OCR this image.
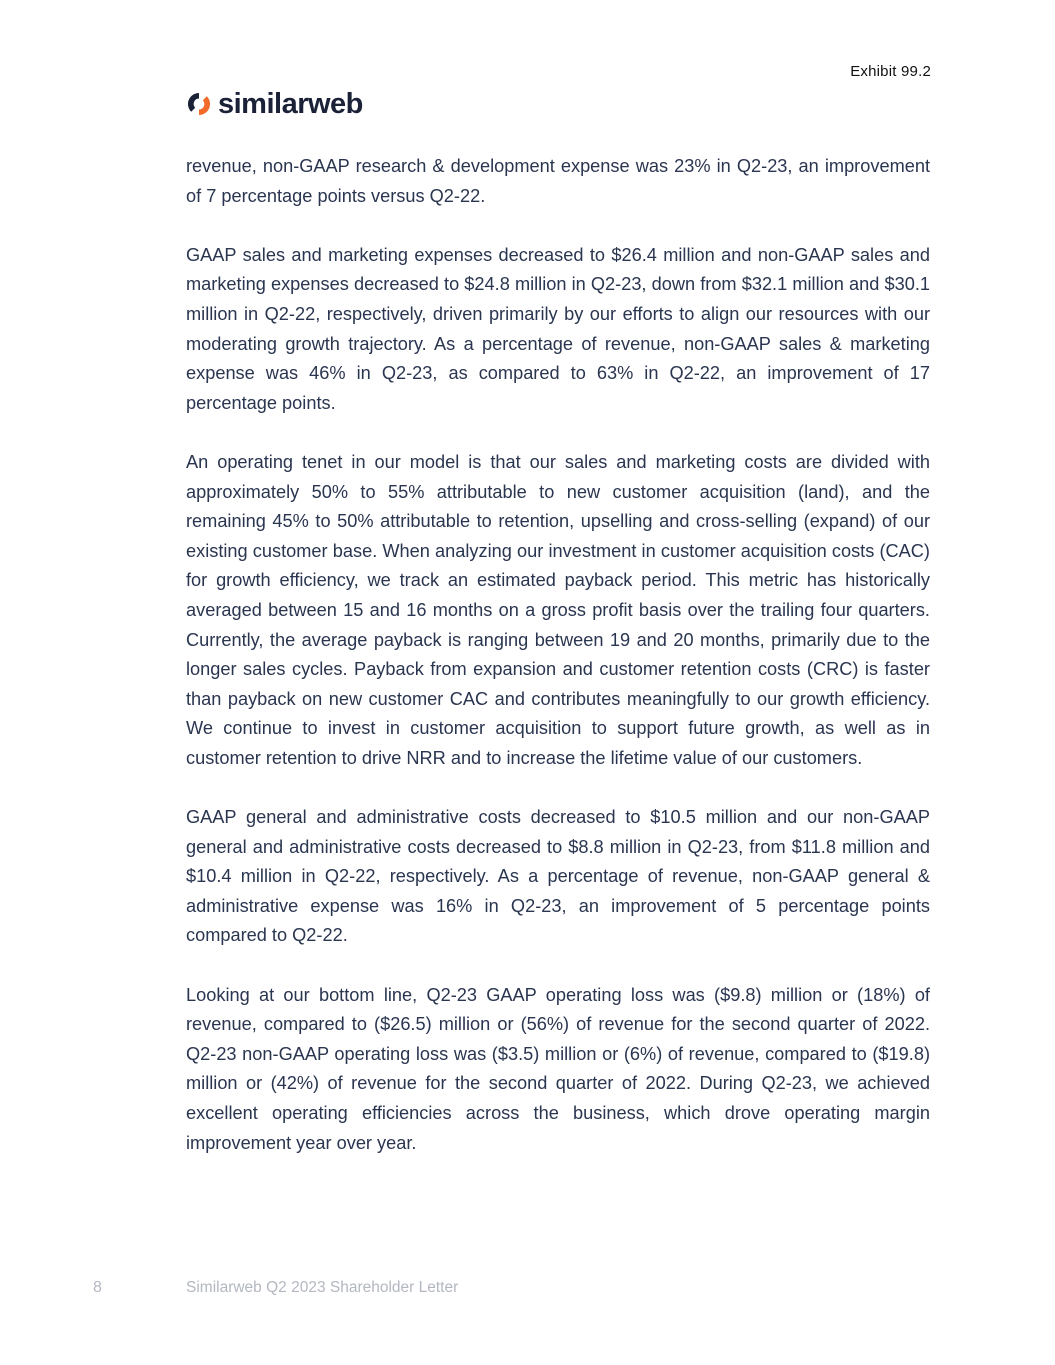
Exhibit 99.2
similarweb

revenue, non-GAAP research & development expense was 23% in Q2-23, an improvement of 7 percentage points versus Q2-22.

GAAP sales and marketing expenses decreased to $26.4 million and non-GAAP sales and marketing expenses decreased to $24.8 million in Q2-23, down from $32.1 million and $30.1 million in Q2-22, respectively, driven primarily by our efforts to align our resources with our moderating growth trajectory. As a percentage of revenue, non-GAAP sales & marketing expense was 46% in Q2-23, as compared to 63% in Q2-22, an improvement of 17 percentage points.

An operating tenet in our model is that our sales and marketing costs are divided with approximately 50% to 55% attributable to new customer acquisition (land), and the remaining 45% to 50% attributable to retention, upselling and cross-selling (expand) of our existing customer base. When analyzing our investment in customer acquisition costs (CAC) for growth efficiency, we track an estimated payback period. This metric has historically averaged between 15 and 16 months on a gross profit basis over the trailing four quarters. Currently, the average payback is ranging between 19 and 20 months, primarily due to the longer sales cycles. Payback from expansion and customer retention costs (CRC) is faster than payback on new customer CAC and contributes meaningfully to our growth efficiency. We continue to invest in customer acquisition to support future growth, as well as in customer retention to drive NRR and to increase the lifetime value of our customers.

GAAP general and administrative costs decreased to $10.5 million and our non-GAAP general and administrative costs decreased to $8.8 million in Q2-23, from $11.8 million and $10.4 million in Q2-22, respectively. As a percentage of revenue, non-GAAP general & administrative expense was 16% in Q2-23, an improvement of 5 percentage points compared to Q2-22.

Looking at our bottom line, Q2-23 GAAP operating loss was ($9.8) million or (18%) of revenue, compared to ($26.5) million or (56%) of revenue for the second quarter of 2022. Q2-23 non-GAAP operating loss was ($3.5) million or (6%) of revenue, compared to ($19.8) million or (42%) of revenue for the second quarter of 2022. During Q2-23, we achieved excellent operating efficiencies across the business, which drove operating margin improvement year over year.

8	Similarweb Q2 2023 Shareholder Letter
